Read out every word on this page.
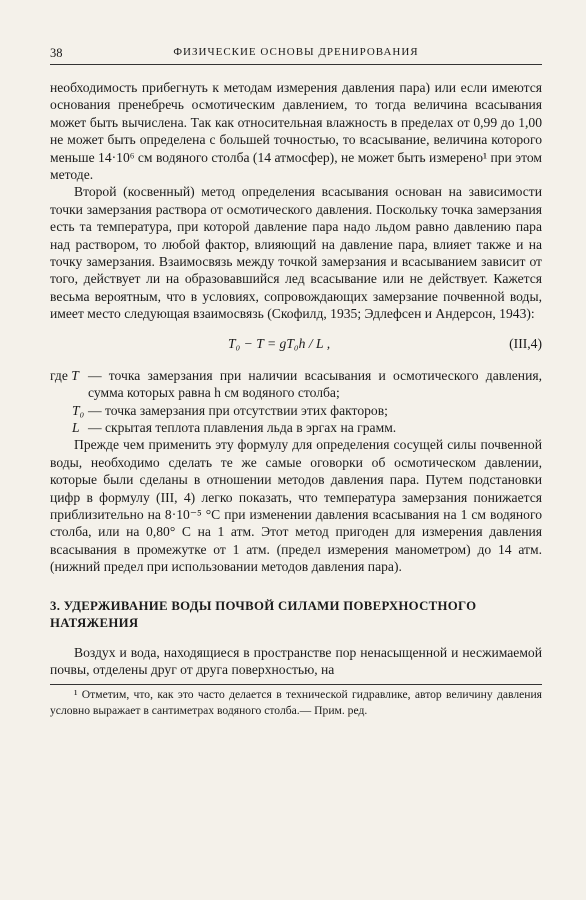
38	ФИЗИЧЕСКИЕ ОСНОВЫ ДРЕНИРОВАНИЯ

необходимость прибегнуть к методам измерения давления пара) или если имеются основания пренебречь осмотическим давлением, то тогда величина всасывания может быть вычислена. Так как относительная влажность в пределах от 0,99 до 1,00 не может быть определена с большей точностью, то всасывание, величина которого меньше 14·10⁶ см водяного столба (14 атмосфер), не может быть измерено¹ при этом методе.

Второй (косвенный) метод определения всасывания основан на зависимости точки замерзания раствора от осмотического давления. Поскольку точка замерзания есть та температура, при которой давление пара надо льдом равно давлению пара над раствором, то любой фактор, влияющий на давление пара, влияет также и на точку замерзания. Взаимосвязь между точкой замерзания и всасыванием зависит от того, действует ли на образовавшийся лед всасывание или не действует. Кажется весьма вероятным, что в условиях, сопровождающих замерзание почвенной воды, имеет место следующая взаимосвязь (Скофилд, 1935; Эдлефсен и Андерсон, 1943):

T₀ − T = gT₀h / L ,	(III,4)
где T — точка замерзания при наличии всасывания и осмотического давления, сумма которых равна h см водяного столба;
T₀ — точка замерзания при отсутствии этих факторов;
L — скрытая теплота плавления льда в эргах на грамм.

Прежде чем применить эту формулу для определения сосущей силы почвенной воды, необходимо сделать те же самые оговорки об осмотическом давлении, которые были сделаны в отношении методов давления пара. Путем подстановки цифр в формулу (III, 4) легко показать, что температура замерзания понижается приблизительно на 8·10⁻⁵ °С при изменении давления всасывания на 1 см водяного столба, или на 0,80° С на 1 атм. Этот метод пригоден для измерения давления всасывания в промежутке от 1 атм. (предел измерения манометром) до 14 атм. (нижний предел при использовании методов давления пара).

3. УДЕРЖИВАНИЕ ВОДЫ ПОЧВОЙ СИЛАМИ ПОВЕРХНОСТНОГО НАТЯЖЕНИЯ

Воздух и вода, находящиеся в пространстве пор ненасыщенной и несжимаемой почвы, отделены друг от друга поверхностью, на

¹ Отметим, что, как это часто делается в технической гидравлике, автор величину давления условно выражает в сантиметрах водяного столба.— Прим. ред.
